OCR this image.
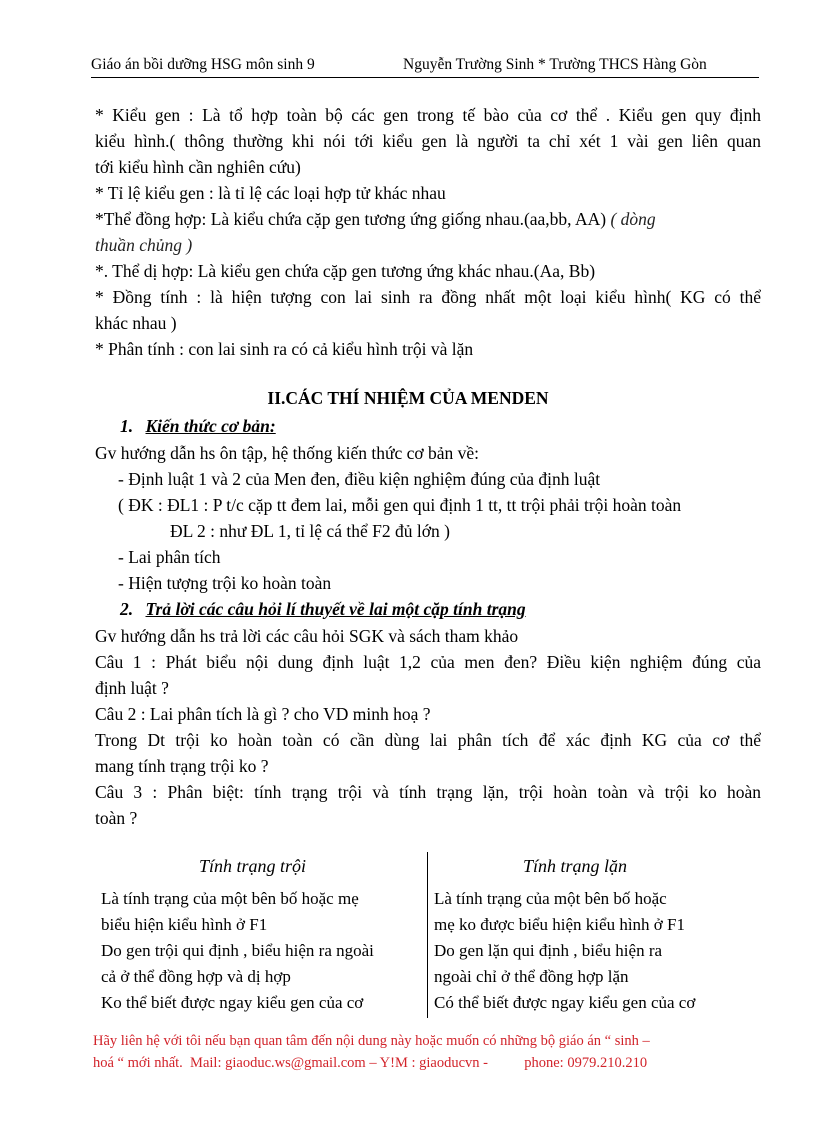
Giáo án bồi dưỡng HSG môn sinh 9	Nguyễn Trường Sinh * Trường THCS Hàng Gòn
* Kiểu gen : Là tổ hợp toàn bộ các gen trong tế bào của cơ thể . Kiểu gen quy định
kiểu hình.( thông thường khi nói tới kiểu gen là người ta chỉ xét 1 vài gen liên quan
tới kiểu hình cần nghiên cứu)
* Tỉ lệ kiểu gen : là tỉ lệ các loại hợp tử khác nhau
*Thể đồng hợp: Là kiểu chứa cặp gen tương ứng giống nhau.(aa,bb, AA) ( dòng
thuần chủng )
*. Thể dị hợp: Là kiểu gen chứa cặp gen tương ứng khác nhau.(Aa, Bb)
* Đồng tính : là hiện tượng con lai sinh ra đồng nhất một loại kiểu hình( KG có thể
khác nhau )
* Phân tính : con lai sinh ra có cả kiểu hình trội và lặn
II.CÁC THÍ NHIỆM CỦA MENDEN
1. Kiến thức cơ bản:
Gv hướng dẫn hs ôn tập, hệ thống kiến thức cơ bản về:
- Định luật 1 và 2 của Men đen, điều kiện nghiệm đúng của định luật
( ĐK : ĐL1 : P t/c cặp tt đem lai, mỗi gen qui định 1 tt, tt trội phải trội hoàn toàn
ĐL 2 : như ĐL 1, tỉ lệ cá thể F2 đủ lớn )
- Lai phân tích
- Hiện tượng trội ko hoàn toàn
2. Trả lời các câu hỏi lí thuyết về lai một cặp tính trạng
Gv hướng dẫn hs trả lời các câu hỏi SGK và sách tham khảo
Câu 1 : Phát biểu nội dung định luật 1,2 của men đen? Điều kiện nghiệm đúng của
định luật ?
Câu 2 : Lai phân tích là gì ? cho VD minh hoạ ?
Trong Dt trội ko hoàn toàn có cần dùng lai phân tích để xác định KG của cơ thể
mang tính trạng trội ko ?
Câu 3 : Phân biệt: tính trạng trội và tính trạng lặn, trội hoàn toàn và trội ko hoàn
toàn ?
Tính trạng trội	Tính trạng lặn
Là tính trạng của một bên bố hoặc mẹ
biểu hiện kiểu hình ở F1
Do gen trội qui định , biểu hiện ra ngoài
cả ở thể đồng hợp và dị hợp
Ko thể biết được ngay kiểu gen của cơ
Là tính trạng của một bên bố hoặc
mẹ ko được biểu hiện kiểu hình ở F1
Do gen lặn qui định , biểu hiện ra
ngoài chỉ ở thể đồng hợp lặn
Có thể biết được ngay kiểu gen của cơ
Hãy liên hệ với tôi nếu bạn quan tâm đến nội dung này hoặc muốn có những bộ giáo án “ sinh –
hoá “ mới nhất.  Mail: giaoduc.ws@gmail.com – Y!M : giaoducvn -          phone: 0979.210.210
